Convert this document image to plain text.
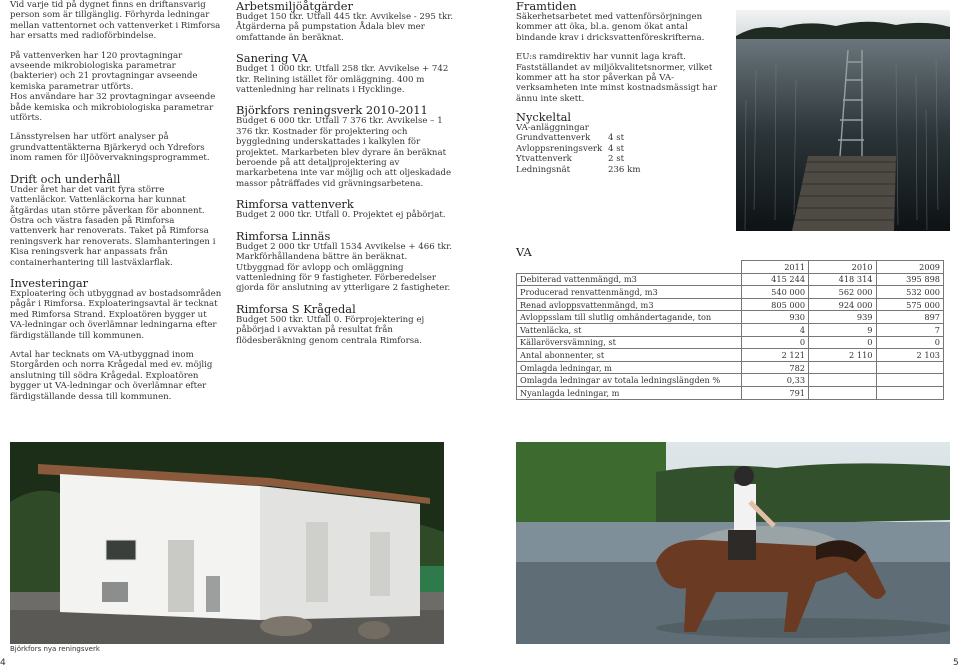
Vid varje tid på dygnet finns en driftansvarig person som är tillgänglig. Förhyrda ledningar mellan vattentornet och vattenverket i Rimforsa har ersatts med radioförbindelse.

På vattenverken har 120 provtagningar avseende mikrobiologiska parametrar (bakterier) och 21 provtagningar avseende kemiska parametrar utförts.

Hos användare har 32 provtagningar avseende både kemiska och mikrobiologiska parametrar utförts.

Länsstyrelsen har utfört analyser på grundvattentäkterna Bjärkeryd och Ydrefors inom ramen för ilJöövervakningsprogrammet.

Drift och underhåll

Under året har det varit fyra större vattenläckor. Vattenläckorna har kunnat åtgärdas utan större påverkan för abonnent. Östra och västra fasaden på Rimforsa vattenverk har renoverats. Taket på Rimforsa reningsverk har renoverats. Slamhanteringen i Kisa reningsverk har anpassats från containerhantering till lastväxlarflak.

Investeringar

Exploatering och utbyggnad av bostadsområden pågår i Rimforsa. Exploateringsavtal är tecknat med Rimforsa Strand. Exploatören bygger ut VA-ledningar och överlämnar ledningarna efter färdigställande till kommunen.

Avtal har tecknats om VA-utbyggnad inom Storgården och norra Krågedal med ev. möjlig anslutning till södra Krågedal. Exploatören bygger ut VA-ledningar och överlämnar efter färdigställande dessa till kommunen.

Arbetsmiljöåtgärder

Budget 150 tkr. Utfall 445 tkr. Avvikelse - 295 tkr. Åtgärderna på pumpstation Ådala blev mer omfattande än beräknat.

Sanering VA

Budget 1 000 tkr. Utfall 258 tkr. Avvikelse + 742 tkr. Relining istället för omläggning. 400 m vattenledning har relinats i Hycklinge.

Björkfors reningsverk 2010-2011

Budget 6 000 tkr. Utfall 7 376 tkr. Avvikelse – 1 376 tkr. Kostnader för projektering och byggledning underskattades i kalkylen för projektet. Markarbeten blev dyrare än beräknat beroende på att detaljprojektering av markarbetena inte var möjlig och att oljeskadade massor påträffades vid grävningsarbetena.

Rimforsa vattenverk

Budget 2 000 tkr. Utfall 0. Projektet ej påbörjat.

Rimforsa Linnäs

Budget 2 000 tkr Utfall 1534 Avvikelse + 466 tkr. Markförhållandena bättre än beräknat. Utbyggnad för avlopp och omläggning vattenledning för 9 fastigheter. Förberedelser gjorda för anslutning av ytterligare 2 fastigheter.

Rimforsa S Krågedal

Budget 500 tkr. Utfall 0. Förprojektering ej påbörjad i avvaktan på resultat från flödesberäkning genom centrala Rimforsa.

Framtiden

Säkerhetsarbetet med vattenförsörjningen kommer att öka, bl.a. genom ökat antal bindande krav i dricksvattenföreskrifterna.

EU:s ramdirektiv har vunnit laga kraft. Fastställandet av miljökvalitetsnormer, vilket kommer att ha stor påverkan på VA-verksamheten inte minst kostnadsmässigt har ännu inte skett.

Nyckeltal
VA-anläggningar
Grundvattenverk	4 st
Avloppsreningsverk 4 st
Ytvattenverk	2 st
Ledningsnät	236 km
VA
	2011	2010	2009
Debiterad vattenmängd, m3	415 244	418 314	395 898
Producerad renvattenmängd, m3	540 000	562 000	532 000
Renad avloppsvattenmängd, m3	805 000	924 000	575 000
Avloppsslam till slutlig omhändertagande, ton	930	939	897
Vattenläcka, st	4	9	7
Källaröversvämning, st	0	0	0
Antal abonnenter, st	2 121	2 110	2 103
Omlagda ledningar, m	782		
Omlagda ledningar av totala ledningslängden %	0,33		
Nyanlagda ledningar, m	791		
Björkfors nya reningsverk
4	5
